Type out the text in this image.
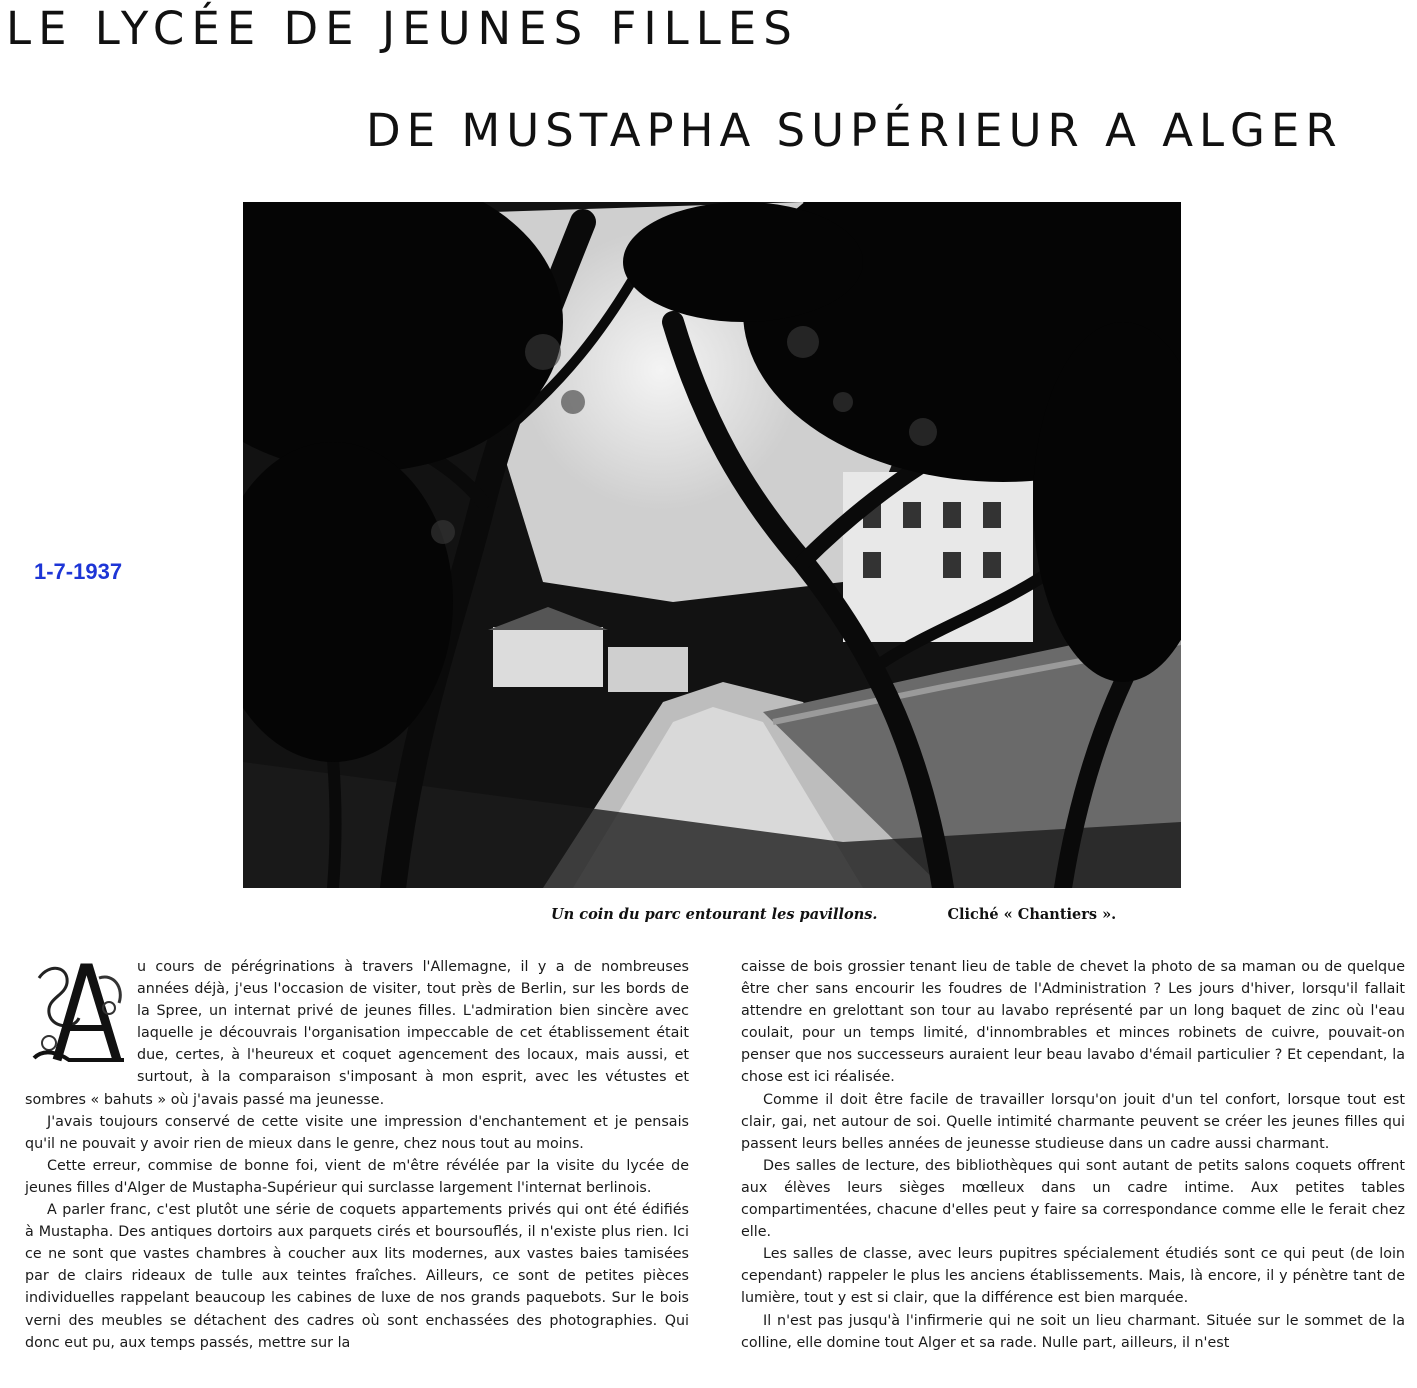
LE LYCÉE DE JEUNES FILLES
DE MUSTAPHA SUPÉRIEUR A ALGER
1-7-1937
Un coin du parc entourant les pavillons.	Cliché « Chantiers ».

u cours de pérégrinations à travers l'Allemagne, il y a de nombreuses années déjà, j'eus l'occasion de visiter, tout près de Berlin, sur les bords de la Spree, un internat privé de jeunes filles. L'admiration bien sincère avec laquelle je découvrais l'organisation impeccable de cet établissement était due, certes, à l'heureux et coquet agencement des locaux, mais aussi, et surtout, à la comparaison s'imposant à mon esprit, avec les vétustes et sombres « bahuts » où j'avais passé ma jeunesse.

J'avais toujours conservé de cette visite une impression d'enchantement et je pensais qu'il ne pouvait y avoir rien de mieux dans le genre, chez nous tout au moins.

Cette erreur, commise de bonne foi, vient de m'être révélée par la visite du lycée de jeunes filles d'Alger de Mustapha-Supérieur qui surclasse largement l'internat berlinois.

A parler franc, c'est plutôt une série de coquets appartements privés qui ont été édifiés à Mustapha. Des antiques dortoirs aux parquets cirés et boursouflés, il n'existe plus rien. Ici ce ne sont que vastes chambres à coucher aux lits modernes, aux vastes baies tamisées par de clairs rideaux de tulle aux teintes fraîches. Ailleurs, ce sont de petites pièces individuelles rappelant beaucoup les cabines de luxe de nos grands paquebots. Sur le bois verni des meubles se détachent des cadres où sont enchassées des photographies. Qui donc eut pu, aux temps passés, mettre sur la

caisse de bois grossier tenant lieu de table de chevet la photo de sa maman ou de quelque être cher sans encourir les foudres de l'Administration ? Les jours d'hiver, lorsqu'il fallait attendre en grelottant son tour au lavabo représenté par un long baquet de zinc où l'eau coulait, pour un temps limité, d'innombrables et minces robinets de cuivre, pouvait-on penser que nos successeurs auraient leur beau lavabo d'émail particulier ? Et cependant, la chose est ici réalisée.

Comme il doit être facile de travailler lorsqu'on jouit d'un tel confort, lorsque tout est clair, gai, net autour de soi. Quelle intimité charmante peuvent se créer les jeunes filles qui passent leurs belles années de jeunesse studieuse dans un cadre aussi charmant.

Des salles de lecture, des bibliothèques qui sont autant de petits salons coquets offrent aux élèves leurs sièges mœlleux dans un cadre intime. Aux petites tables compartimentées, chacune d'elles peut y faire sa correspondance comme elle le ferait chez elle.

Les salles de classe, avec leurs pupitres spécialement étudiés sont ce qui peut (de loin cependant) rappeler le plus les anciens établissements. Mais, là encore, il y pénètre tant de lumière, tout y est si clair, que la différence est bien marquée.

Il n'est pas jusqu'à l'infirmerie qui ne soit un lieu charmant. Située sur le sommet de la colline, elle domine tout Alger et sa rade. Nulle part, ailleurs, il n'est
